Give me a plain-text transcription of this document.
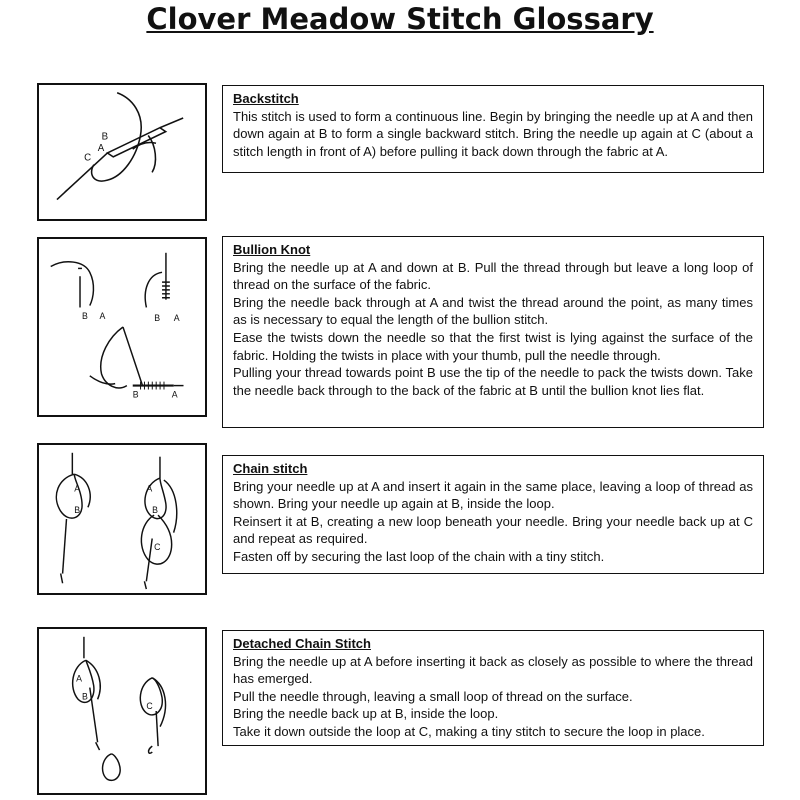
Clover Meadow Stitch Glossary
C
A
B
Backstitch
This stitch is used to form a continuous line. Begin by bringing the needle up at A and then down again at B to form a single backward stitch. Bring the needle up again at C (about a stitch length in front of A) before pulling it back down through the fabric at A.
B A	B A
B	A
Bullion Knot
Bring the needle up at A and down at B. Pull the thread through but leave a long loop of thread on the surface of the fabric.
Bring the needle back through at A and twist the thread around the point, as many times as is necessary to equal the length of the bullion stitch.
Ease the twists down the needle so that the first twist is lying against the surface of the fabric. Holding the twists in place with your thumb, pull the needle through.
Pulling your thread towards point B use the tip of the needle to pack the twists down. Take the needle back through to the back of the fabric at B until the bullion knot lies flat.
A
B
A
B
C
Chain stitch
Bring your needle up at A and insert it again in the same place, leaving a loop of thread as shown. Bring your needle up again at B, inside the loop.
Reinsert it at B, creating a new loop beneath your needle. Bring your needle back up at C and repeat as required.
Fasten off by securing the last loop of the chain with a tiny stitch.
A
B
C
Detached Chain Stitch
Bring the needle up at A before inserting it back as closely as possible to where the thread has emerged.
Pull the needle through, leaving a small loop of thread on the surface.
Bring the needle back up at B, inside the loop.
Take it down outside the loop at C, making a tiny stitch to secure the loop in place.
